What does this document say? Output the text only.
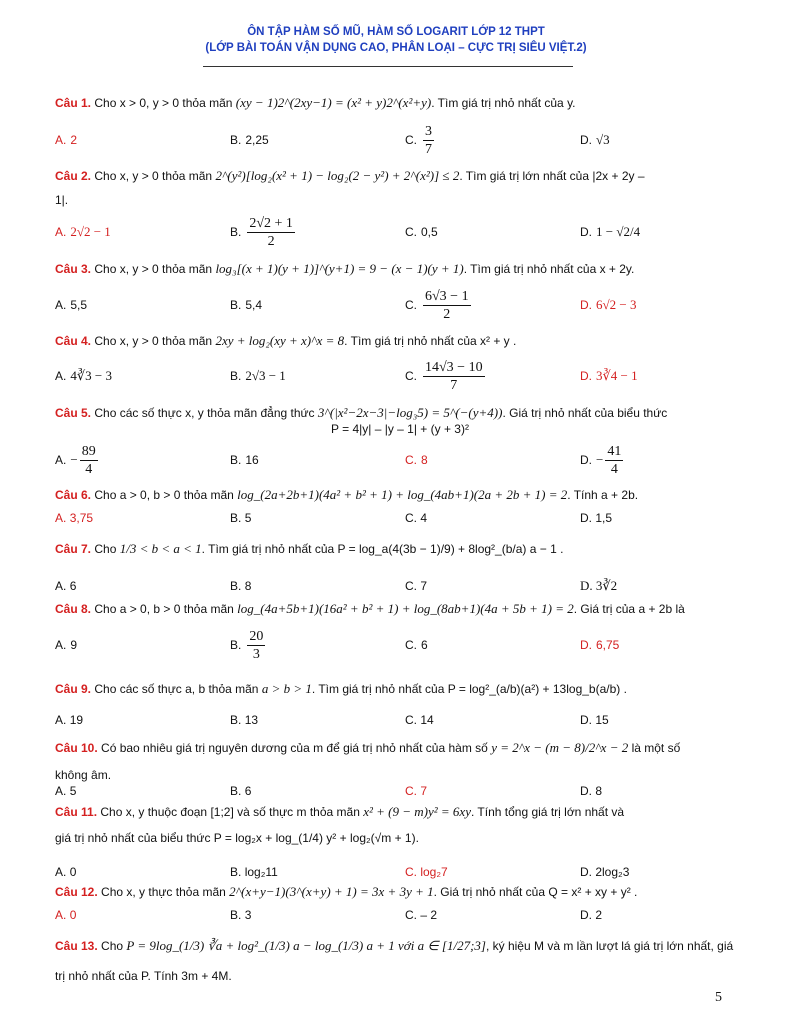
ÔN TẬP HÀM SỐ MŨ, HÀM SỐ LOGARIT LỚP 12 THPT
(LỚP BÀI TOÁN VẬN DỤNG CAO, PHÂN LOẠI – CỰC TRỊ SIÊU VIỆT.2)
Câu 1. Cho x > 0, y > 0 thỏa mãn (xy − 1)2^(2xy−1) = (x² + y)2^(x²+y). Tìm giá trị nhỏ nhất của y.
A. 2	B. 2,25	C. $\frac{3}{7}$	D. √3
Câu 2. Cho x, y > 0 thỏa mãn 2^(y²)[log₂(x² + 1) − log₂(2 − y²) + 2^(x²)] ≤ 2. Tìm giá trị lớn nhất của |2x + 2y –
1|.
A. 2√2 − 1	B. $\frac{2√2 + 1}{2}$	C. 0,5	D. 1 − √2/4
Câu 3. Cho x, y > 0 thỏa mãn log₃[(x + 1)(y + 1)]^(y+1) = 9 − (x − 1)(y + 1). Tìm giá trị nhỏ nhất của x + 2y.
A. 5,5	B. 5,4	C. $\frac{6√3 - 1}{2}$	D. 6√2 − 3
Câu 4. Cho x, y > 0 thỏa mãn 2xy + log₂(xy + x)^x = 8. Tìm giá trị nhỏ nhất của x² + y .
A. 4∛3 − 3	B. 2√3 − 1	C. $\frac{14√3 - 10}{7}$	D. 3∛4 − 1
Câu 5. Cho các số thực x, y thỏa mãn đẳng thức 3^(|x²−2x−3|−log₃5) = 5^(−(y+4)). Giá trị nhỏ nhất của biểu thức
P = 4|y| – |y – 1| + (y + 3)²
A. − $\frac{89}{4}$	B. 16	C. 8	D. − $\frac{41}{4}$
Câu 6. Cho a > 0, b > 0 thỏa mãn log_(2a+2b+1)(4a² + b² + 1) + log_(4ab+1)(2a + 2b + 1) = 2. Tính a + 2b.
A. 3,75	B. 5	C. 4	D. 1,5
Câu 7. Cho 1/3 < b < a < 1. Tìm giá trị nhỏ nhất của P = log_a(4(3b − 1)/9) + 8log²_(b/a) a − 1 .
A. 6	B. 8	C. 7	D. 3∛2
Câu 8. Cho a > 0, b > 0 thỏa mãn log_(4a+5b+1)(16a² + b² + 1) + log_(8ab+1)(4a + 5b + 1) = 2. Giá trị của a + 2b là
A. 9	B. $\frac{20}{3}$	C. 6	D. 6,75
Câu 9. Cho các số thực a, b thỏa mãn a > b > 1. Tìm giá trị nhỏ nhất của P = log²_(a/b)(a²) + 13log_b(a/b) .
A. 19	B. 13	C. 14	D. 15
Câu 10. Có bao nhiêu giá trị nguyên dương của m để giá trị nhỏ nhất của hàm số y = 2^x − (m − 8)/2^x − 2 là một số
không âm.
A. 5	B. 6	C. 7	D. 8
Câu 11. Cho x, y thuộc đoạn [1;2] và số thực m thỏa mãn x² + (9 − m)y² = 6xy. Tính tổng giá trị lớn nhất và
giá trị nhỏ nhất của biểu thức P = log₂x + log_(1/4) y² + log₂(√m + 1).
A. 0	B. log₂11	C. log₂7	D. 2log₂3
Câu 12. Cho x, y thực thỏa mãn 2^(x+y−1)(3^(x+y) + 1) = 3x + 3y + 1. Giá trị nhỏ nhất của Q = x² + xy + y² .
A. 0	B. 3	C. – 2	D. 2
Câu 13. Cho P = 9log_(1/3) ∛a + log²_(1/3) a − log_(1/3) a + 1 với a ∈ [1/27;3], ký hiệu M và m lần lượt lá giá trị lớn nhất, giá
trị nhỏ nhất của P. Tính 3m + 4M.
5
